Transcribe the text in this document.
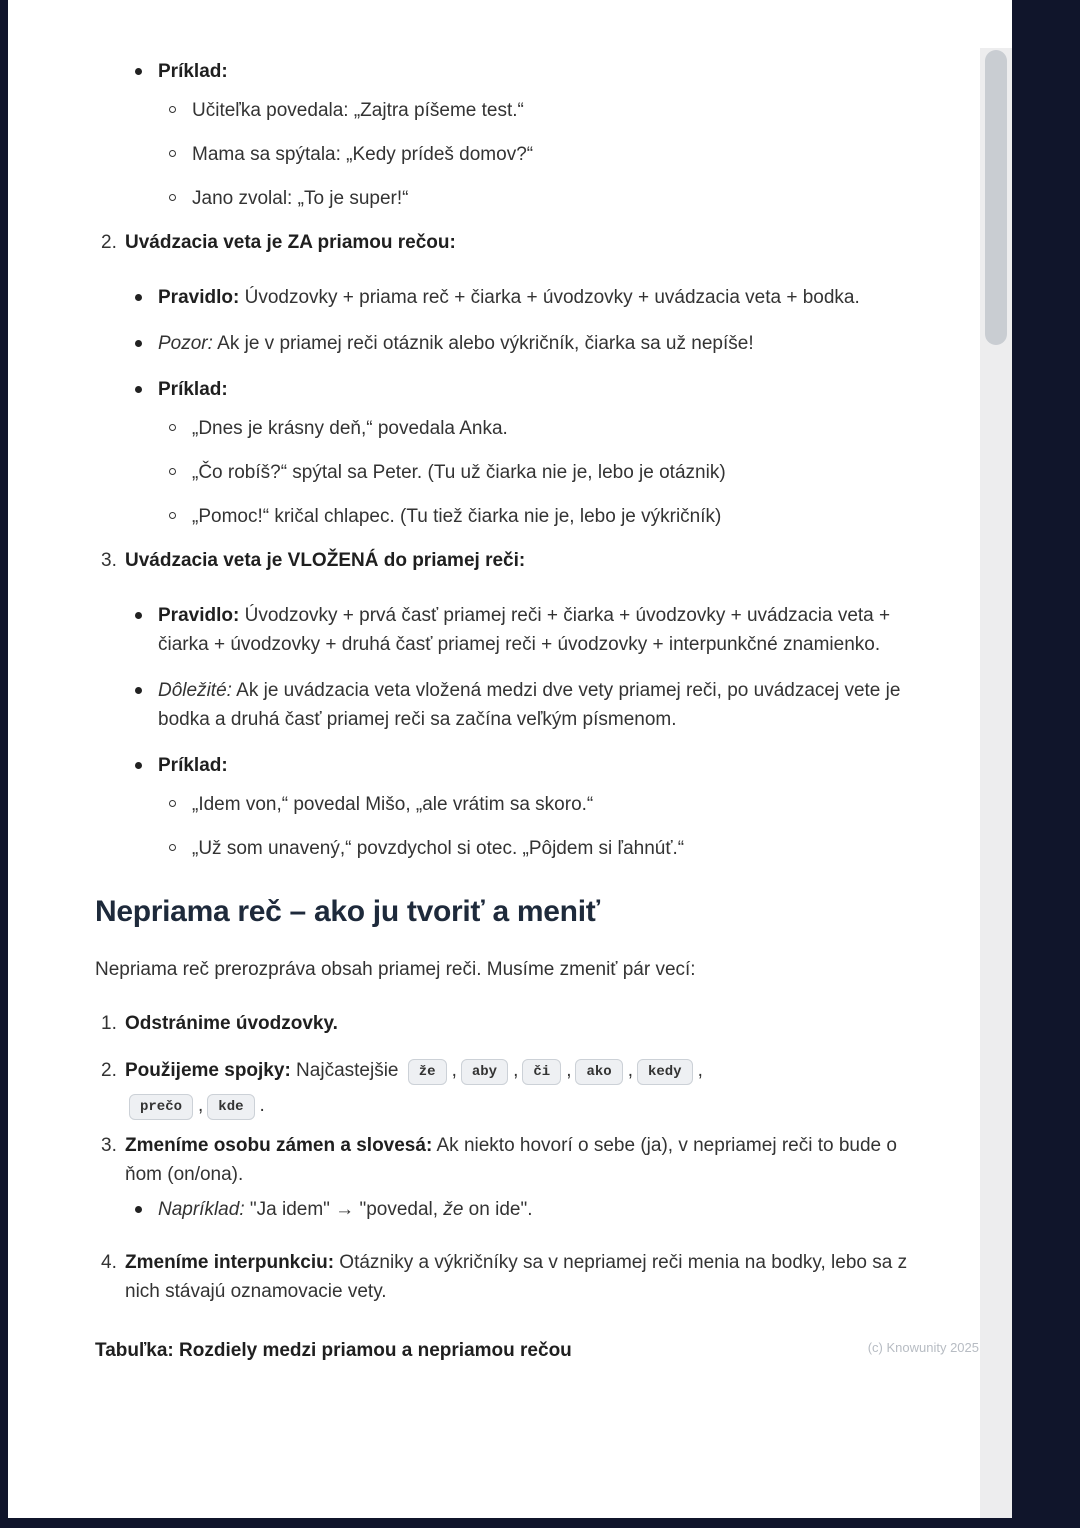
Príklad:
Učiteľka povedala: „Zajtra píšeme test.“
Mama sa spýtala: „Kedy prídeš domov?“
Jano zvolal: „To je super!“
2. Uvádzacia veta je ZA priamou rečou:
Pravidlo: Úvodzovky + priama reč + čiarka + úvodzovky + uvádzacia veta + bodka.
Pozor: Ak je v priamej reči otáznik alebo výkričník, čiarka sa už nepíše!
Príklad:
„Dnes je krásny deň,“ povedala Anka.
„Čo robíš?“ spýtal sa Peter. (Tu už čiarka nie je, lebo je otáznik)
„Pomoc!“ kričal chlapec. (Tu tiež čiarka nie je, lebo je výkričník)
3. Uvádzacia veta je VLOŽENÁ do priamej reči:
Pravidlo: Úvodzovky + prvá časť priamej reči + čiarka + úvodzovky + uvádzacia veta + čiarka + úvodzovky + druhá časť priamej reči + úvodzovky + interpunkčné znamienko.
Dôležité: Ak je uvádzacia veta vložená medzi dve vety priamej reči, po uvádzacej vete je bodka a druhá časť priamej reči sa začína veľkým písmenom.
Príklad:
„Idem von,“ povedal Mišo, „ale vrátim sa skoro.“
„Už som unavený,“ povzdychol si otec. „Pôjdem si ľahnúť.“
Nepriama reč – ako ju tvoriť a meniť

Nepriama reč prerozpráva obsah priamej reči. Musíme zmeniť pár vecí:

1. Odstránime úvodzovky.
2. Použijeme spojky: Najčastejšie že , aby , či , ako , kedy ,
prečo , kde .
3. Zmeníme osobu zámen a slovesá: Ak niekto hovorí o sebe (ja), v nepriamej reči to bude o ňom (on/ona).
Napríklad: "Ja idem" → "povedal, že on ide".
4. Zmeníme interpunkciu: Otázniky a výkričníky sa v nepriamej reči menia na bodky, lebo sa z nich stávajú oznamovacie vety.
Tabuľka: Rozdiely medzi priamou a nepriamou rečou	(c) Knowunity 2025
